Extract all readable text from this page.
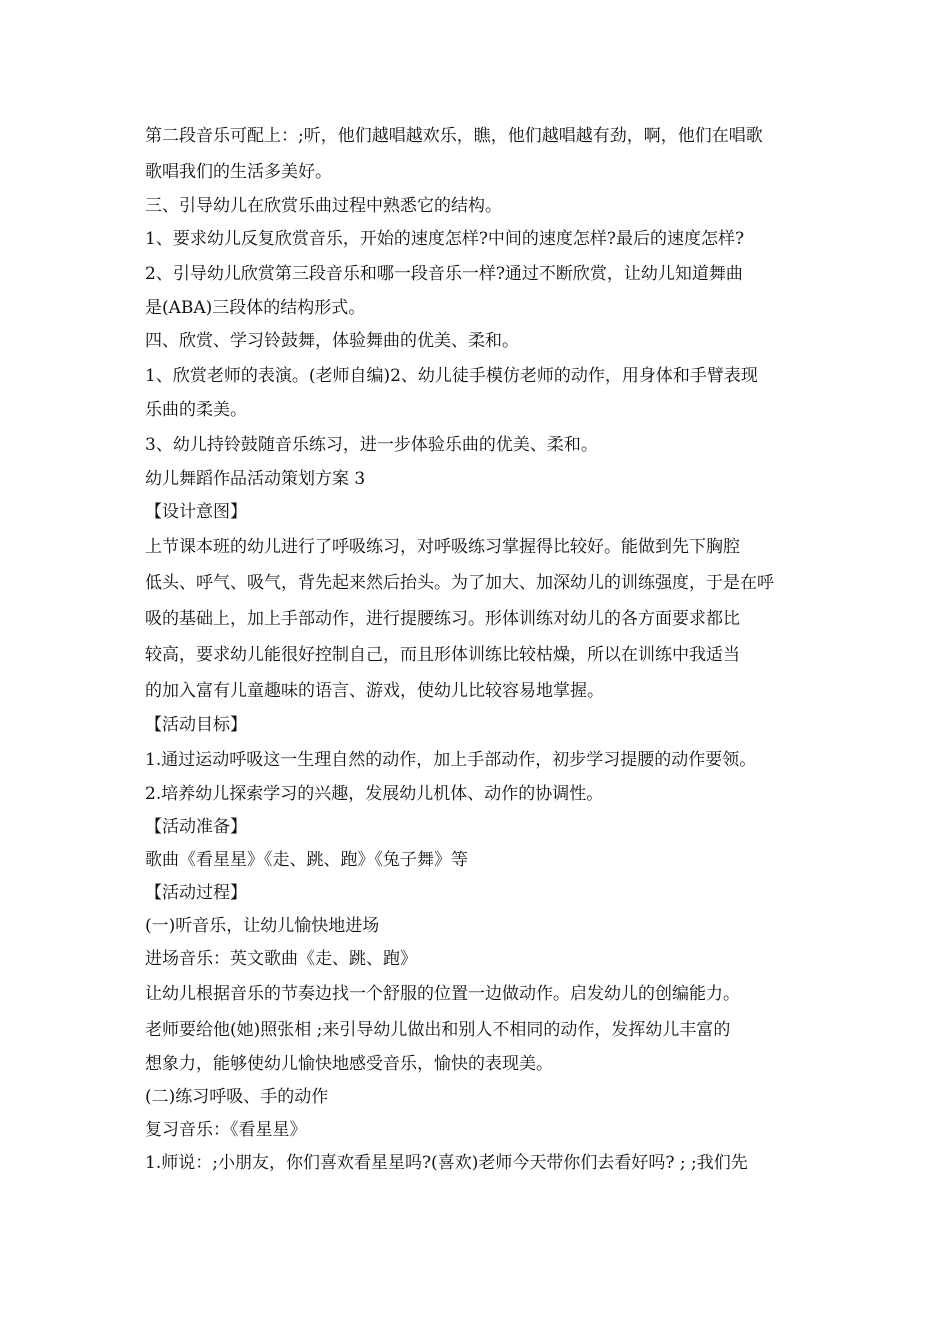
第二段音乐可配上：;听，他们越唱越欢乐，瞧，他们越唱越有劲，啊，他们在唱歌
歌唱我们的生活多美好。
三、引导幼儿在欣赏乐曲过程中熟悉它的结构。
1、要求幼儿反复欣赏音乐，开始的速度怎样?中间的速度怎样?最后的速度怎样?
2、引导幼儿欣赏第三段音乐和哪一段音乐一样?通过不断欣赏，让幼儿知道舞曲
是(ABA)三段体的结构形式。
四、欣赏、学习铃鼓舞，体验舞曲的优美、柔和。
1、欣赏老师的表演。(老师自编)2、幼儿徒手模仿老师的动作，用身体和手臂表现
乐曲的柔美。
3、幼儿持铃鼓随音乐练习，进一步体验乐曲的优美、柔和。
幼儿舞蹈作品活动策划方案 3
【设计意图】
上节课本班的幼儿进行了呼吸练习，对呼吸练习掌握得比较好。能做到先下胸腔
低头、呼气、吸气，背先起来然后抬头。为了加大、加深幼儿的训练强度，于是在呼
吸的基础上，加上手部动作，进行提腰练习。形体训练对幼儿的各方面要求都比
较高，要求幼儿能很好控制自己，而且形体训练比较枯燥，所以在训练中我适当
的加入富有儿童趣味的语言、游戏，使幼儿比较容易地掌握。
【活动目标】
1.通过运动呼吸这一生理自然的动作，加上手部动作，初步学习提腰的动作要领。
2.培养幼儿探索学习的兴趣，发展幼儿机体、动作的协调性。
【活动准备】
歌曲《看星星》《走、跳、跑》《兔子舞》等
【活动过程】
(一)听音乐，让幼儿愉快地进场
进场音乐：英文歌曲《走、跳、跑》
让幼儿根据音乐的节奏边找一个舒服的位置一边做动作。启发幼儿的创编能力。
老师要给他(她)照张相 ;来引导幼儿做出和别人不相同的动作，发挥幼儿丰富的
想象力，能够使幼儿愉快地感受音乐，愉快的表现美。
(二)练习呼吸、手的动作
复习音乐：《看星星》
1.师说：;小朋友，你们喜欢看星星吗?(喜欢)老师今天带你们去看好吗? ; ;我们先
